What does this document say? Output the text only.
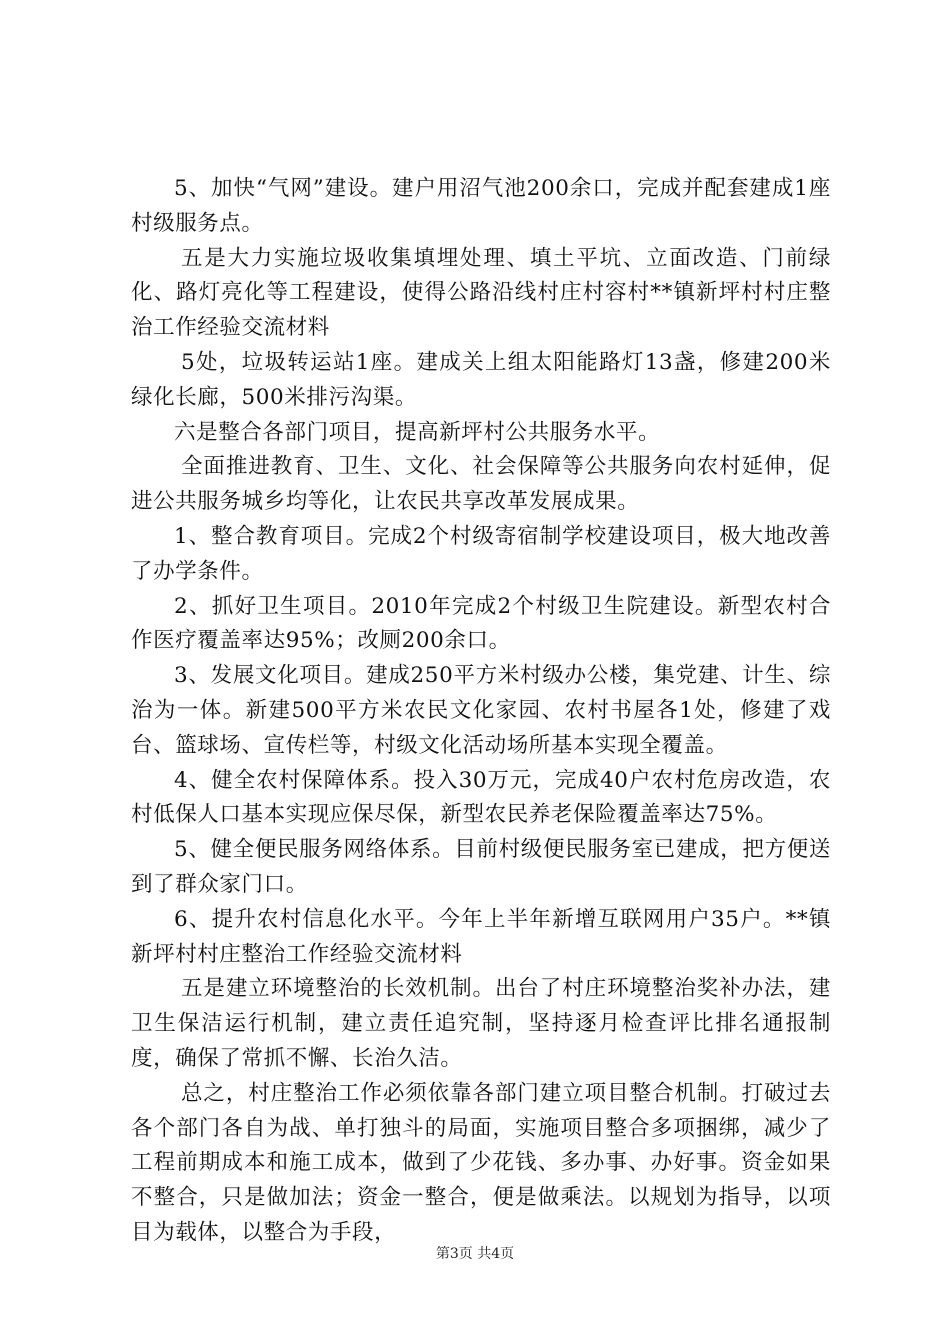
5、加快“气网”建设。建户用沼气池200余口，完成并配套建成1座村级服务点。

五是大力实施垃圾收集填埋处理、填土平坑、立面改造、门前绿化、路灯亮化等工程建设，使得公路沿线村庄村容村**镇新坪村村庄整治工作经验交流材料

5处，垃圾转运站1座。建成关上组太阳能路灯13盏，修建200米绿化长廊，500米排污沟渠。

六是整合各部门项目，提高新坪村公共服务水平。

全面推进教育、卫生、文化、社会保障等公共服务向农村延伸，促进公共服务城乡均等化，让农民共享改革发展成果。

1、整合教育项目。完成2个村级寄宿制学校建设项目，极大地改善了办学条件。

2、抓好卫生项目。2010年完成2个村级卫生院建设。新型农村合作医疗覆盖率达95%；改厕200余口。

3、发展文化项目。建成250平方米村级办公楼，集党建、计生、综治为一体。新建500平方米农民文化家园、农村书屋各1处，修建了戏台、篮球场、宣传栏等，村级文化活动场所基本实现全覆盖。

4、健全农村保障体系。投入30万元，完成40户农村危房改造，农村低保人口基本实现应保尽保，新型农民养老保险覆盖率达75%。

5、健全便民服务网络体系。目前村级便民服务室已建成，把方便送到了群众家门口。

6、提升农村信息化水平。今年上半年新增互联网用户35户。**镇新坪村村庄整治工作经验交流材料

五是建立环境整治的长效机制。出台了村庄环境整治奖补办法，建卫生保洁运行机制，建立责任追究制，坚持逐月检查评比排名通报制度，确保了常抓不懈、长治久洁。

总之，村庄整治工作必须依靠各部门建立项目整合机制。打破过去各个部门各自为战、单打独斗的局面，实施项目整合多项捆绑，减少了工程前期成本和施工成本，做到了少花钱、多办事、办好事。资金如果不整合，只是做加法；资金一整合，便是做乘法。以规划为指导，以项目为载体，以整合为手段，

第3页 共4页
